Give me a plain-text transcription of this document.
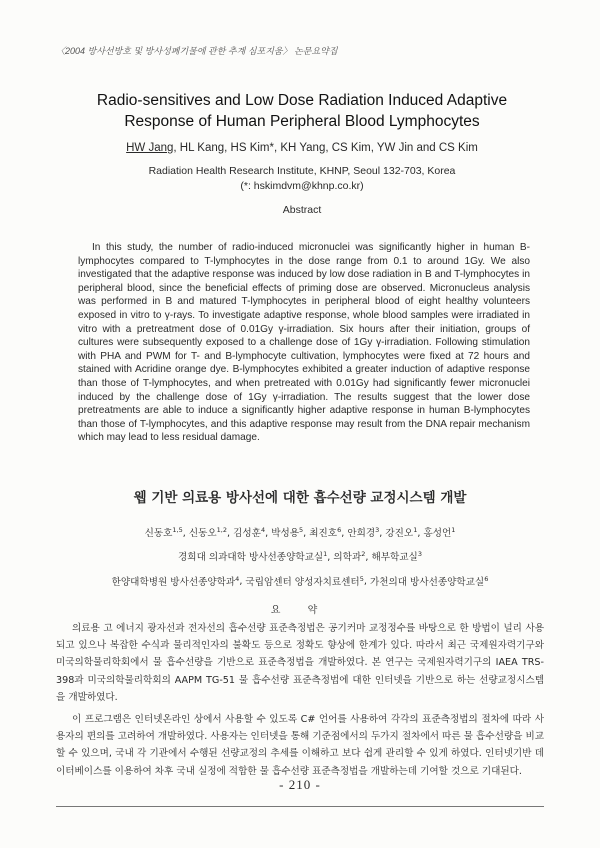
〈2004 방사선방호 및 방사성폐기물에 관한 추계 심포지움〉 논문요약집

Radio-sensitives and Low Dose Radiation Induced Adaptive
Response of Human Peripheral Blood Lymphocytes

HW Jang, HL Kang, HS Kim*, KH Yang, CS Kim, YW Jin and CS Kim
Radiation Health Research Institute, KHNP, Seoul 132-703, Korea
(*: hskimdvm@khnp.co.kr)
Abstract

In this study, the number of radio-induced micronuclei was significantly higher in human B-lymphocytes compared to T-lymphocytes in the dose range from 0.1 to around 1Gy. We also investigated that the adaptive response was induced by low dose radiation in B and T-lymphocytes in peripheral blood, since the beneficial effects of priming dose are observed. Micronucleus analysis was performed in B and matured T-lymphocytes in peripheral blood of eight healthy volunteers exposed in vitro to γ-rays. To investigate adaptive response, whole blood samples were irradiated in vitro with a pretreatment dose of 0.01Gy γ-irradiation. Six hours after their initiation, groups of cultures were subsequently exposed to a challenge dose of 1Gy γ-irradiation. Following stimulation with PHA and PWM for T- and B-lymphocyte cultivation, lymphocytes were fixed at 72 hours and stained with Acridine orange dye. B-lymphocytes exhibited a greater induction of adaptive response than those of T-lymphocytes, and when pretreated with 0.01Gy had significantly fewer micronuclei induced by the challenge dose of 1Gy γ-irradiation. The results suggest that the lower dose pretreatments are able to induce a significantly higher adaptive response in human B-lymphocytes than those of T-lymphocytes, and this adaptive response may result from the DNA repair mechanism which may lead to less residual damage.

웹 기반 의료용 방사선에 대한 흡수선량 교정시스템 개발

신동호$^{1,5}$, 신동오$^{1,2}$, 김성훈$^4$, 박성용$^5$, 최진호$^6$, 안희경$^3$, 강진오$^1$, 홍성언$^1$
경희대 의과대학 방사선종양학교실$^1$, 의학과$^2$, 해부학교실$^3$
한양대학병원 방사선종양학과$^4$, 국립암센터 양성자치료센터$^5$, 가천의대 방사선종양학교실$^6$
요 약

의료용 고 에너지 광자선과 전자선의 흡수선량 표준측정법은 공기커마 교정정수를 바탕으로 한 방법이 널리 사용되고 있으나 복잡한 수식과 물리적인자의 불확도 등으로 정확도 향상에 한계가 있다. 따라서 최근 국제원자력기구와 미국의학물리학회에서 물 흡수선량을 기반으로 표준측정법을 개발하였다. 본 연구는 국제원자력기구의 IAEA TRS-398과 미국의학물리학회의 AAPM TG-51 물 흡수선량 표준측정법에 대한 인터넷을 기반으로 하는 선량교정시스템을 개발하였다.

이 프로그램은 인터넷온라인 상에서 사용할 수 있도록 C# 언어를 사용하여 각각의 표준측정법의 절차에 따라 사용자의 편의를 고려하여 개발하였다. 사용자는 인터넷을 통해 기준점에서의 두가지 절차에서 따른 물 흡수선량을 비교할 수 있으며, 국내 각 기관에서 수행된 선량교정의 추세를 이해하고 보다 쉽게 관리할 수 있게 하였다. 인터넷기반 데이터베이스를 이용하여 차후 국내 실정에 적합한 물 흡수선량 표준측정법을 개발하는데 기여할 것으로 기대된다.

- 210 -
